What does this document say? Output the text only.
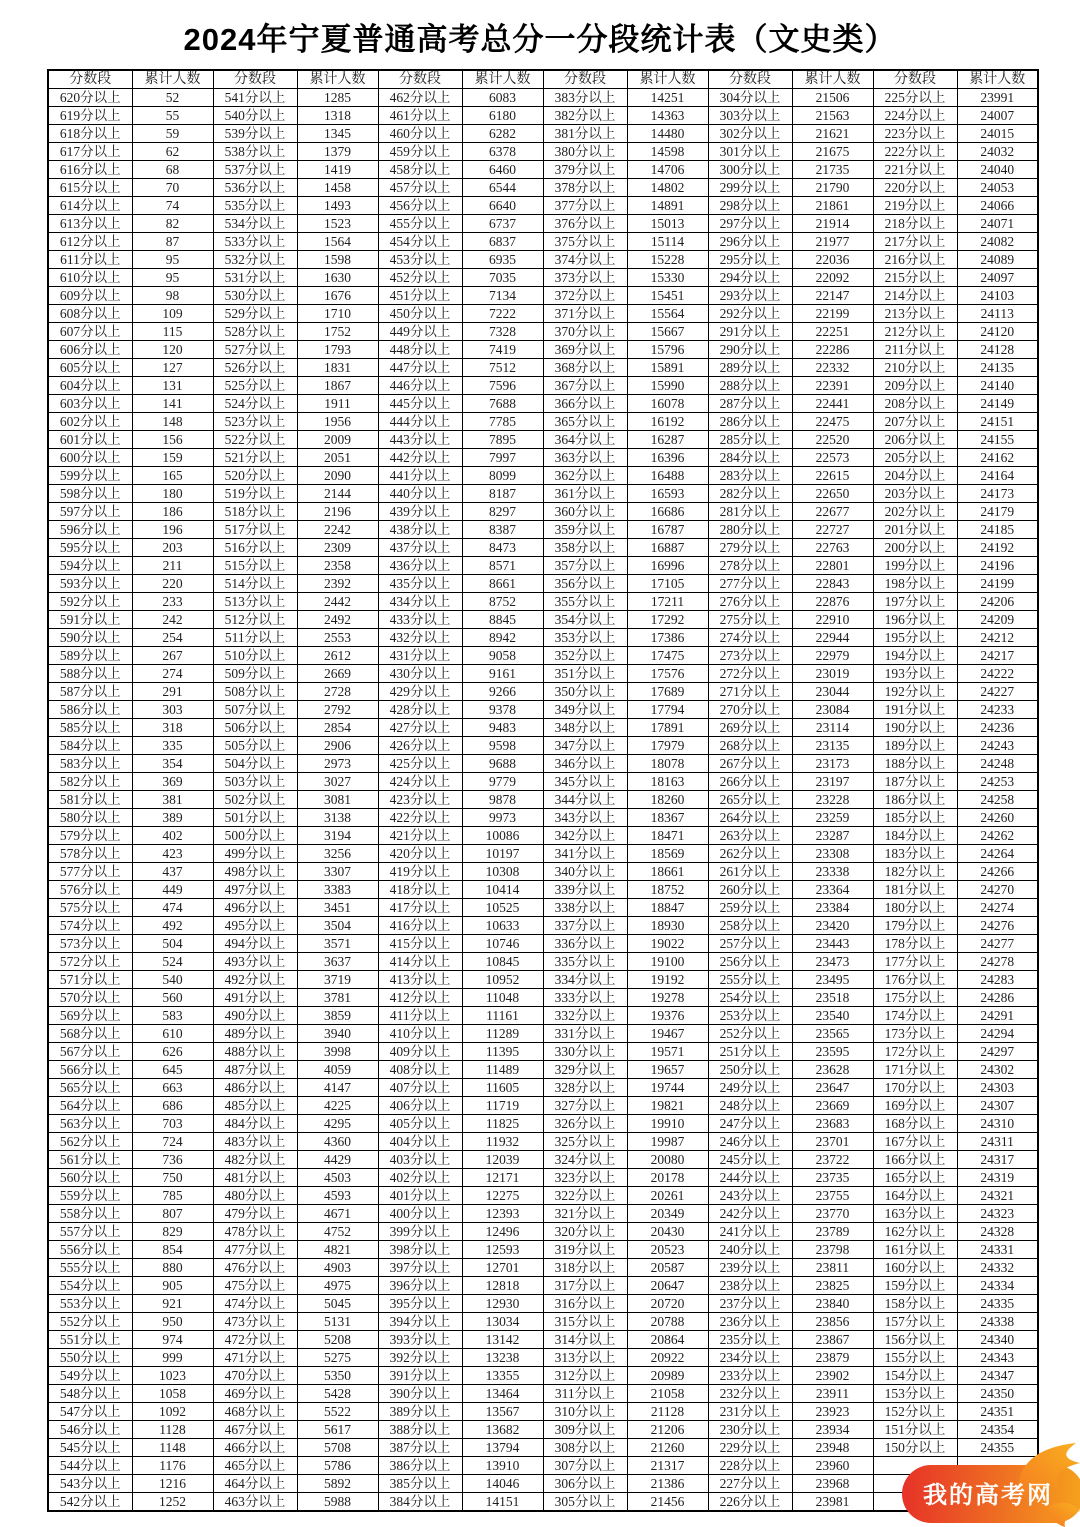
2024年宁夏普通高考总分一分段统计表（文史类）
分数段	累计人数	分数段	累计人数	分数段	累计人数	分数段	累计人数	分数段	累计人数	分数段	累计人数
620分以上	52	541分以上	1285	462分以上	6083	383分以上	14251	304分以上	21506	225分以上	23991
619分以上	55	540分以上	1318	461分以上	6180	382分以上	14363	303分以上	21563	224分以上	24007
618分以上	59	539分以上	1345	460分以上	6282	381分以上	14480	302分以上	21621	223分以上	24015
617分以上	62	538分以上	1379	459分以上	6378	380分以上	14598	301分以上	21675	222分以上	24032
616分以上	68	537分以上	1419	458分以上	6460	379分以上	14706	300分以上	21735	221分以上	24040
615分以上	70	536分以上	1458	457分以上	6544	378分以上	14802	299分以上	21790	220分以上	24053
614分以上	74	535分以上	1493	456分以上	6640	377分以上	14891	298分以上	21861	219分以上	24066
613分以上	82	534分以上	1523	455分以上	6737	376分以上	15013	297分以上	21914	218分以上	24071
612分以上	87	533分以上	1564	454分以上	6837	375分以上	15114	296分以上	21977	217分以上	24082
611分以上	95	532分以上	1598	453分以上	6935	374分以上	15228	295分以上	22036	216分以上	24089
610分以上	95	531分以上	1630	452分以上	7035	373分以上	15330	294分以上	22092	215分以上	24097
609分以上	98	530分以上	1676	451分以上	7134	372分以上	15451	293分以上	22147	214分以上	24103
608分以上	109	529分以上	1710	450分以上	7222	371分以上	15564	292分以上	22199	213分以上	24113
607分以上	115	528分以上	1752	449分以上	7328	370分以上	15667	291分以上	22251	212分以上	24120
606分以上	120	527分以上	1793	448分以上	7419	369分以上	15796	290分以上	22286	211分以上	24128
605分以上	127	526分以上	1831	447分以上	7512	368分以上	15891	289分以上	22332	210分以上	24135
604分以上	131	525分以上	1867	446分以上	7596	367分以上	15990	288分以上	22391	209分以上	24140
603分以上	141	524分以上	1911	445分以上	7688	366分以上	16078	287分以上	22441	208分以上	24149
602分以上	148	523分以上	1956	444分以上	7785	365分以上	16192	286分以上	22475	207分以上	24151
601分以上	156	522分以上	2009	443分以上	7895	364分以上	16287	285分以上	22520	206分以上	24155
600分以上	159	521分以上	2051	442分以上	7997	363分以上	16396	284分以上	22573	205分以上	24162
599分以上	165	520分以上	2090	441分以上	8099	362分以上	16488	283分以上	22615	204分以上	24164
598分以上	180	519分以上	2144	440分以上	8187	361分以上	16593	282分以上	22650	203分以上	24173
597分以上	186	518分以上	2196	439分以上	8297	360分以上	16686	281分以上	22677	202分以上	24179
596分以上	196	517分以上	2242	438分以上	8387	359分以上	16787	280分以上	22727	201分以上	24185
595分以上	203	516分以上	2309	437分以上	8473	358分以上	16887	279分以上	22763	200分以上	24192
594分以上	211	515分以上	2358	436分以上	8571	357分以上	16996	278分以上	22801	199分以上	24196
593分以上	220	514分以上	2392	435分以上	8661	356分以上	17105	277分以上	22843	198分以上	24199
592分以上	233	513分以上	2442	434分以上	8752	355分以上	17211	276分以上	22876	197分以上	24206
591分以上	242	512分以上	2492	433分以上	8845	354分以上	17292	275分以上	22910	196分以上	24209
590分以上	254	511分以上	2553	432分以上	8942	353分以上	17386	274分以上	22944	195分以上	24212
589分以上	267	510分以上	2612	431分以上	9058	352分以上	17475	273分以上	22979	194分以上	24217
588分以上	274	509分以上	2669	430分以上	9161	351分以上	17576	272分以上	23019	193分以上	24222
587分以上	291	508分以上	2728	429分以上	9266	350分以上	17689	271分以上	23044	192分以上	24227
586分以上	303	507分以上	2792	428分以上	9378	349分以上	17794	270分以上	23084	191分以上	24233
585分以上	318	506分以上	2854	427分以上	9483	348分以上	17891	269分以上	23114	190分以上	24236
584分以上	335	505分以上	2906	426分以上	9598	347分以上	17979	268分以上	23135	189分以上	24243
583分以上	354	504分以上	2973	425分以上	9688	346分以上	18078	267分以上	23173	188分以上	24248
582分以上	369	503分以上	3027	424分以上	9779	345分以上	18163	266分以上	23197	187分以上	24253
581分以上	381	502分以上	3081	423分以上	9878	344分以上	18260	265分以上	23228	186分以上	24258
580分以上	389	501分以上	3138	422分以上	9973	343分以上	18367	264分以上	23259	185分以上	24260
579分以上	402	500分以上	3194	421分以上	10086	342分以上	18471	263分以上	23287	184分以上	24262
578分以上	423	499分以上	3256	420分以上	10197	341分以上	18569	262分以上	23308	183分以上	24264
577分以上	437	498分以上	3307	419分以上	10308	340分以上	18661	261分以上	23338	182分以上	24266
576分以上	449	497分以上	3383	418分以上	10414	339分以上	18752	260分以上	23364	181分以上	24270
575分以上	474	496分以上	3451	417分以上	10525	338分以上	18847	259分以上	23384	180分以上	24274
574分以上	492	495分以上	3504	416分以上	10633	337分以上	18930	258分以上	23420	179分以上	24276
573分以上	504	494分以上	3571	415分以上	10746	336分以上	19022	257分以上	23443	178分以上	24277
572分以上	524	493分以上	3637	414分以上	10845	335分以上	19100	256分以上	23473	177分以上	24278
571分以上	540	492分以上	3719	413分以上	10952	334分以上	19192	255分以上	23495	176分以上	24283
570分以上	560	491分以上	3781	412分以上	11048	333分以上	19278	254分以上	23518	175分以上	24286
569分以上	583	490分以上	3859	411分以上	11161	332分以上	19376	253分以上	23540	174分以上	24291
568分以上	610	489分以上	3940	410分以上	11289	331分以上	19467	252分以上	23565	173分以上	24294
567分以上	626	488分以上	3998	409分以上	11395	330分以上	19571	251分以上	23595	172分以上	24297
566分以上	645	487分以上	4059	408分以上	11489	329分以上	19657	250分以上	23628	171分以上	24302
565分以上	663	486分以上	4147	407分以上	11605	328分以上	19744	249分以上	23647	170分以上	24303
564分以上	686	485分以上	4225	406分以上	11719	327分以上	19821	248分以上	23669	169分以上	24307
563分以上	703	484分以上	4295	405分以上	11825	326分以上	19910	247分以上	23683	168分以上	24310
562分以上	724	483分以上	4360	404分以上	11932	325分以上	19987	246分以上	23701	167分以上	24311
561分以上	736	482分以上	4429	403分以上	12039	324分以上	20080	245分以上	23722	166分以上	24317
560分以上	750	481分以上	4503	402分以上	12171	323分以上	20178	244分以上	23735	165分以上	24319
559分以上	785	480分以上	4593	401分以上	12275	322分以上	20261	243分以上	23755	164分以上	24321
558分以上	807	479分以上	4671	400分以上	12393	321分以上	20349	242分以上	23770	163分以上	24323
557分以上	829	478分以上	4752	399分以上	12496	320分以上	20430	241分以上	23789	162分以上	24328
556分以上	854	477分以上	4821	398分以上	12593	319分以上	20523	240分以上	23798	161分以上	24331
555分以上	880	476分以上	4903	397分以上	12701	318分以上	20587	239分以上	23811	160分以上	24332
554分以上	905	475分以上	4975	396分以上	12818	317分以上	20647	238分以上	23825	159分以上	24334
553分以上	921	474分以上	5045	395分以上	12930	316分以上	20720	237分以上	23840	158分以上	24335
552分以上	950	473分以上	5131	394分以上	13034	315分以上	20788	236分以上	23856	157分以上	24338
551分以上	974	472分以上	5208	393分以上	13142	314分以上	20864	235分以上	23867	156分以上	24340
550分以上	999	471分以上	5275	392分以上	13238	313分以上	20922	234分以上	23879	155分以上	24343
549分以上	1023	470分以上	5350	391分以上	13355	312分以上	20989	233分以上	23902	154分以上	24347
548分以上	1058	469分以上	5428	390分以上	13464	311分以上	21058	232分以上	23911	153分以上	24350
547分以上	1092	468分以上	5522	389分以上	13567	310分以上	21128	231分以上	23923	152分以上	24351
546分以上	1128	467分以上	5617	388分以上	13682	309分以上	21206	230分以上	23934	151分以上	24354
545分以上	1148	466分以上	5708	387分以上	13794	308分以上	21260	229分以上	23948	150分以上	24355
544分以上	1176	465分以上	5786	386分以上	13910	307分以上	21317	228分以上	23960		
543分以上	1216	464分以上	5892	385分以上	14046	306分以上	21386	227分以上	23968		
542分以上	1252	463分以上	5988	384分以上	14151	305分以上	21456	226分以上	23981			我的高考网
